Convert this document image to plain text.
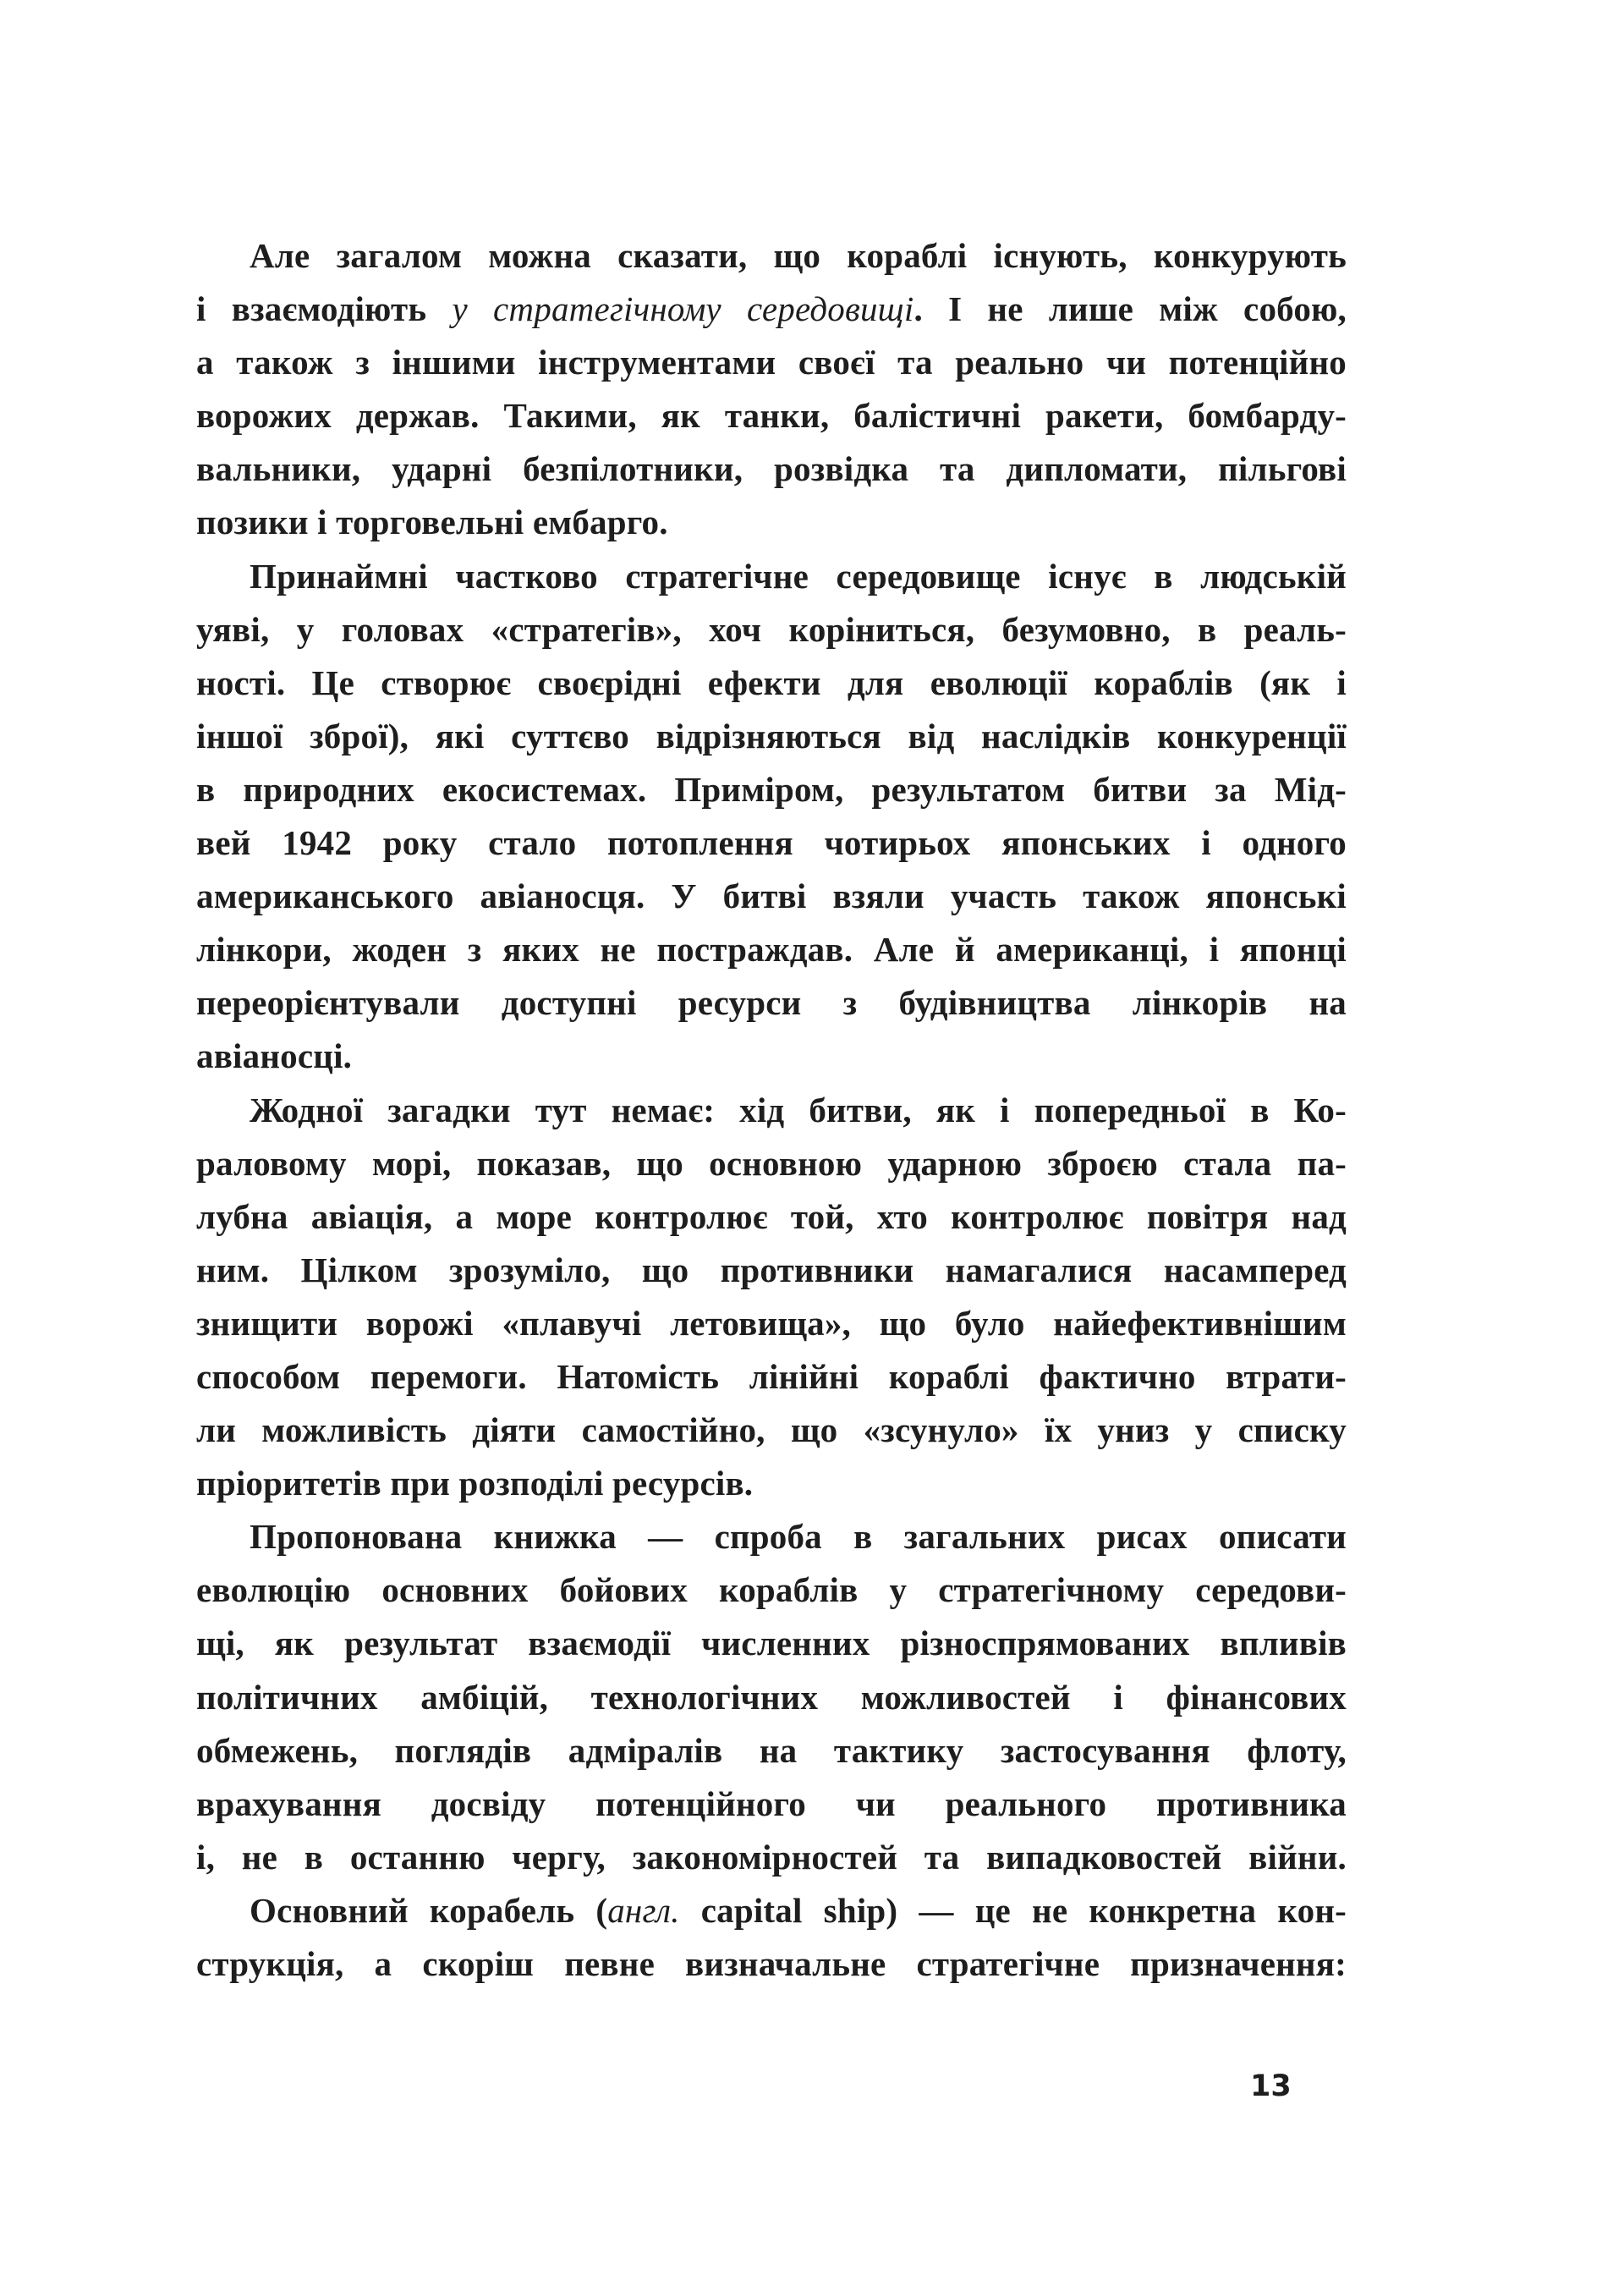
Але загалом можна сказати, що кораблі існують, конкурують
і взаємодіють у стратегічному середовищі. І не лише між собою,
а також з іншими інструментами своєї та реально чи потенційно
ворожих держав. Такими, як танки, балістичні ракети, бомбарду-
вальники, ударні безпілотники, розвідка та дипломати, пільгові
позики і торговельні ембарго.
Принаймні частково стратегічне середовище існує в людській
уяві, у головах «стратегів», хоч коріниться, безумовно, в реаль-
ності. Це створює своєрідні ефекти для еволюції кораблів (як і
іншої зброї), які суттєво відрізняються від наслідків конкуренції
в природних екосистемах. Приміром, результатом битви за Мід-
вей 1942 року стало потоплення чотирьох японських і одного
американського авіаносця. У битві взяли участь також японські
лінкори, жоден з яких не постраждав. Але й американці, і японці
переорієнтували доступні ресурси з будівництва лінкорів на
авіаносці.
Жодної загадки тут немає: хід битви, як і попередньої в Ко-
раловому морі, показав, що основною ударною зброєю стала па-
лубна авіація, а море контролює той, хто контролює повітря над
ним. Цілком зрозуміло, що противники намагалися насамперед
знищити ворожі «плавучі летовища», що було найефективнішим
способом перемоги. Натомість лінійні кораблі фактично втрати-
ли можливість діяти самостійно, що «зсунуло» їх униз у списку
пріоритетів при розподілі ресурсів.
Пропонована книжка — спроба в загальних рисах описати
еволюцію основних бойових кораблів у стратегічному середови-
щі, як результат взаємодії численних різноспрямованих впливів
політичних амбіцій, технологічних можливостей і фінансових
обмежень, поглядів адміралів на тактику застосування флоту,
врахування досвіду потенційного чи реального противника
і, не в останню чергу, закономірностей та випадковостей війни.
Основний корабель (англ. capital ship) — це не конкретна кон-
струкція, а скоріш певне визначальне стратегічне призначення:
13
